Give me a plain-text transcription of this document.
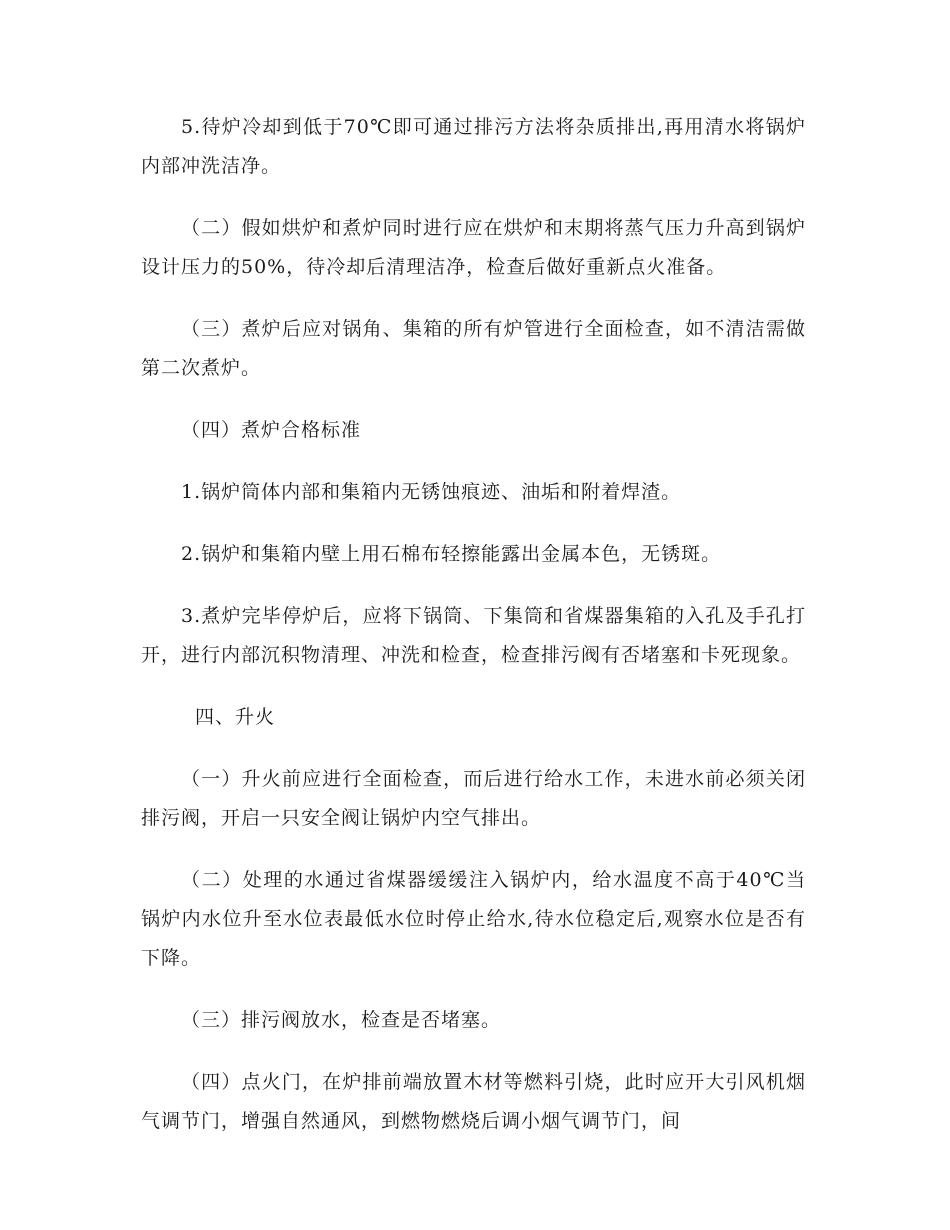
5.待炉冷却到低于70℃即可通过排污方法将杂质排出,再用清水将锅炉内部冲洗洁净。

（二）假如烘炉和煮炉同时进行应在烘炉和末期将蒸气压力升高到锅炉设计压力的50%，待冷却后清理洁净，检查后做好重新点火准备。

（三）煮炉后应对锅角、集箱的所有炉管进行全面检查，如不清洁需做第二次煮炉。

（四）煮炉合格标准

1.锅炉筒体内部和集箱内无锈蚀痕迹、油垢和附着焊渣。

2.锅炉和集箱内壁上用石棉布轻擦能露出金属本色，无锈斑。

3.煮炉完毕停炉后，应将下锅筒、下集筒和省煤器集箱的入孔及手孔打开，进行内部沉积物清理、冲洗和检查，检查排污阀有否堵塞和卡死现象。

四、升火

（一）升火前应进行全面检查，而后进行给水工作，未进水前必须关闭排污阀，开启一只安全阀让锅炉内空气排出。

（二）处理的水通过省煤器缓缓注入锅炉内，给水温度不高于40℃当锅炉内水位升至水位表最低水位时停止给水,待水位稳定后,观察水位是否有下降。

（三）排污阀放水，检查是否堵塞。

（四）点火门，在炉排前端放置木材等燃料引烧，此时应开大引风机烟气调节门，增强自然通风，到燃物燃烧后调小烟气调节门，间
